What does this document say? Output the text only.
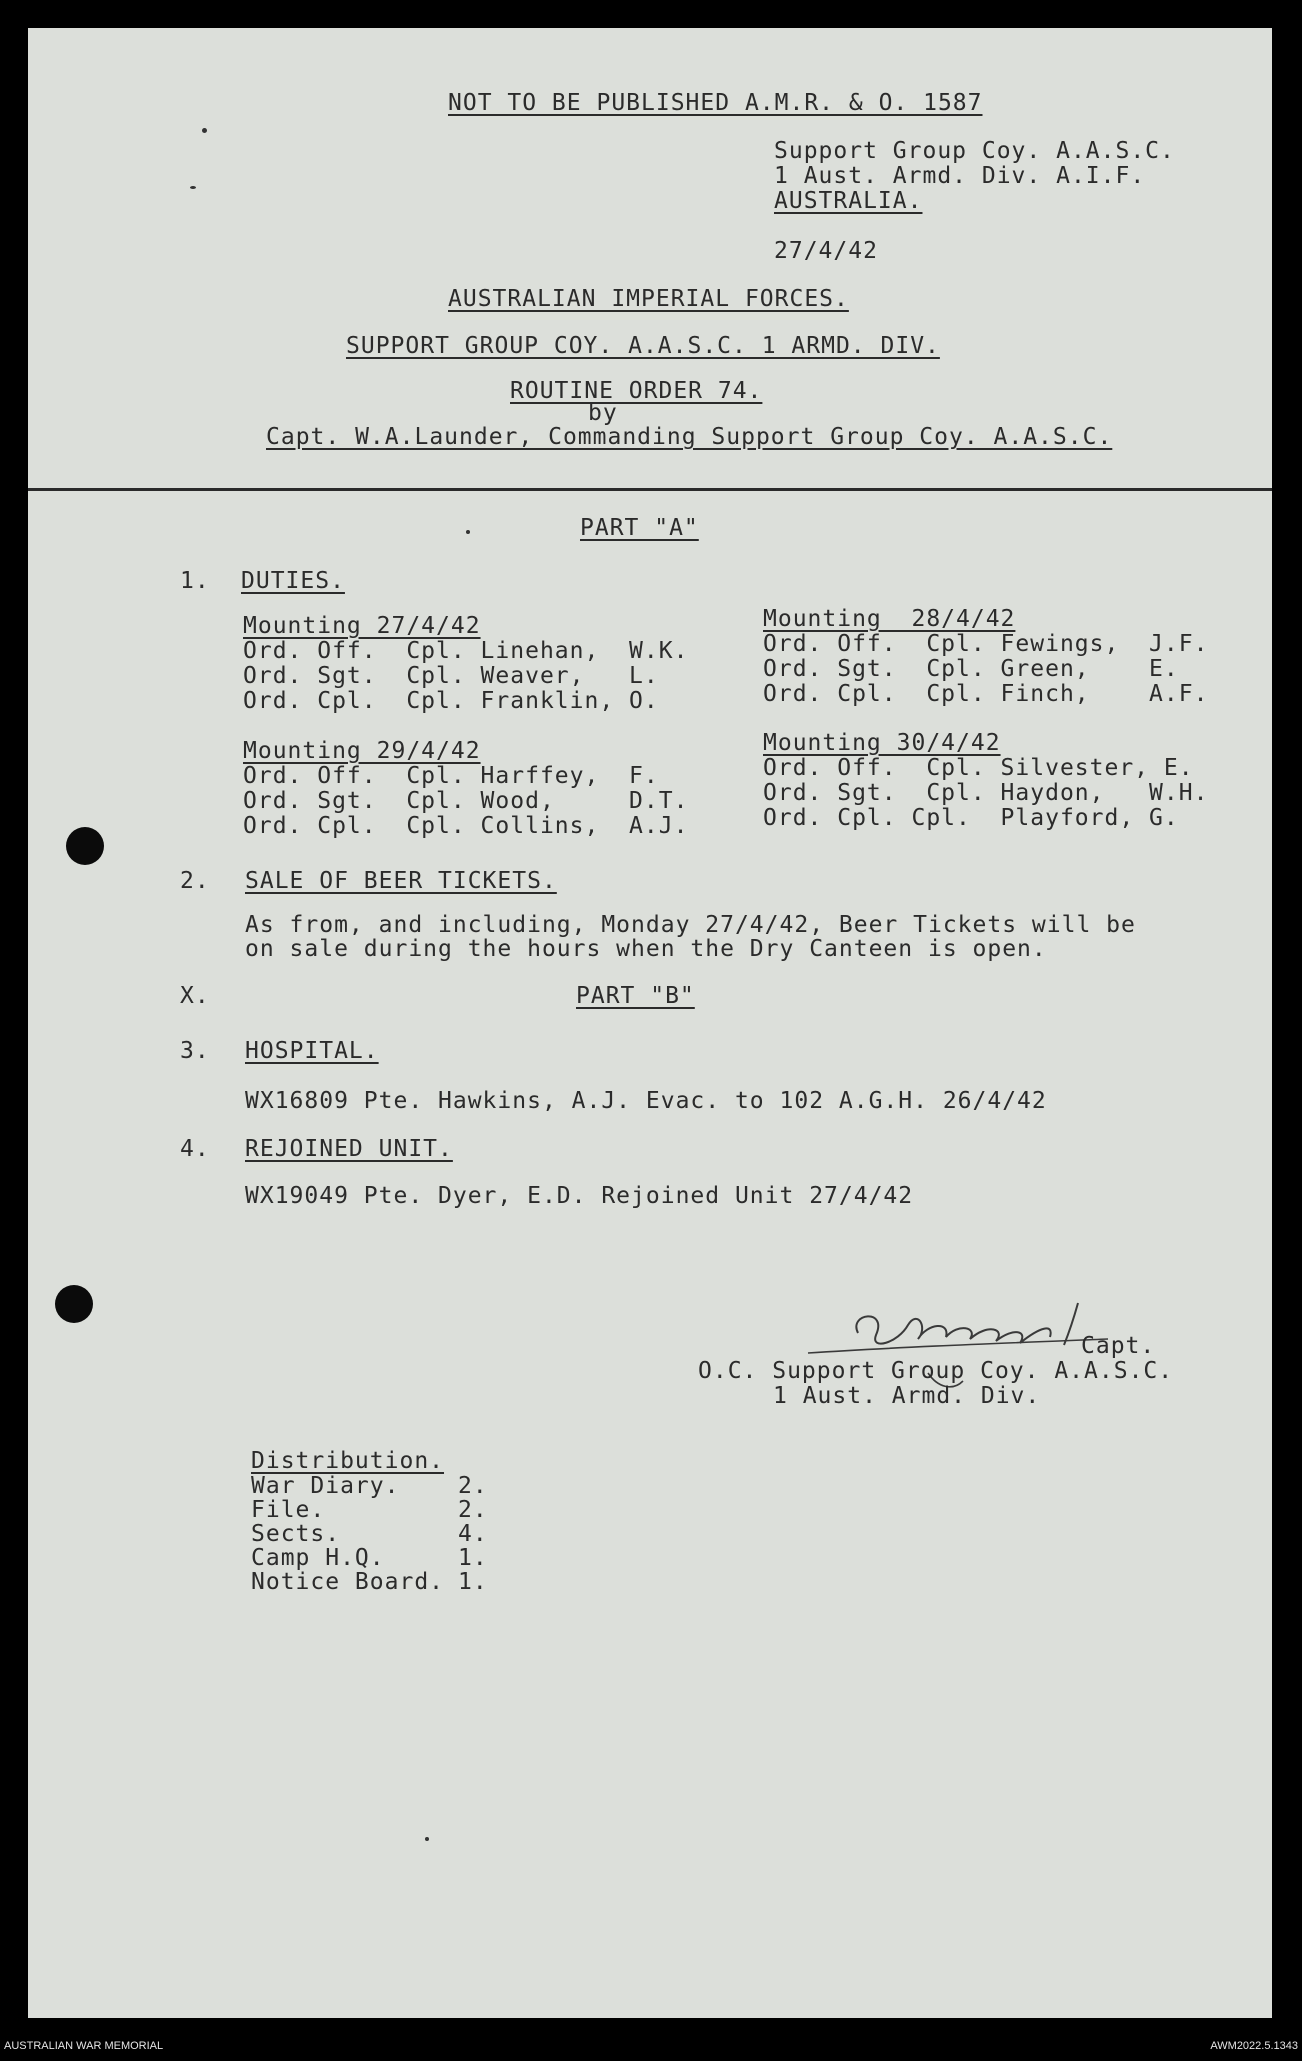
NOT TO BE PUBLISHED A.M.R. & O. 1587
Support Group Coy. A.A.S.C.
1 Aust. Armd. Div. A.I.F.
AUSTRALIA.
27/4/42
AUSTRALIAN IMPERIAL FORCES.
SUPPORT GROUP COY. A.A.S.C. 1 ARMD. DIV.
ROUTINE ORDER 74.
by
Capt. W.A.Launder, Commanding Support Group Coy. A.A.S.C.
PART "A"
1. DUTIES.
Mounting 27/4/42
Ord. Off.  Cpl. Linehan,  W.K.
Ord. Sgt.  Cpl. Weaver,   L.
Ord. Cpl.  Cpl. Franklin, O.
Mounting  28/4/42
Ord. Off.  Cpl. Fewings,  J.F.
Ord. Sgt.  Cpl. Green,    E.
Ord. Cpl.  Cpl. Finch,    A.F.
Mounting 29/4/42
Ord. Off.  Cpl. Harffey,  F.
Ord. Sgt.  Cpl. Wood,     D.T.
Ord. Cpl.  Cpl. Collins,  A.J.
Mounting 30/4/42
Ord. Off.  Cpl. Silvester, E.
Ord. Sgt.  Cpl. Haydon,   W.H.
Ord. Cpl. Cpl.  Playford, G.
2. SALE OF BEER TICKETS.
As from, and including, Monday 27/4/42, Beer Tickets will be
on sale during the hours when the Dry Canteen is open.
X.	PART "B"
3. HOSPITAL.
WX16809 Pte. Hawkins, A.J. Evac. to 102 A.G.H. 26/4/42
4. REJOINED UNIT.
WX19049 Pte. Dyer, E.D. Rejoined Unit 27/4/42
Capt.
O.C. Support Group Coy. A.A.S.C.
1 Aust. Armd. Div.
Distribution.
War Diary.	2.
File.	2.
Sects.	4.
Camp H.Q.	1.
Notice Board. 1.
AUSTRALIAN WAR MEMORIAL	AWM2022.5.1343
